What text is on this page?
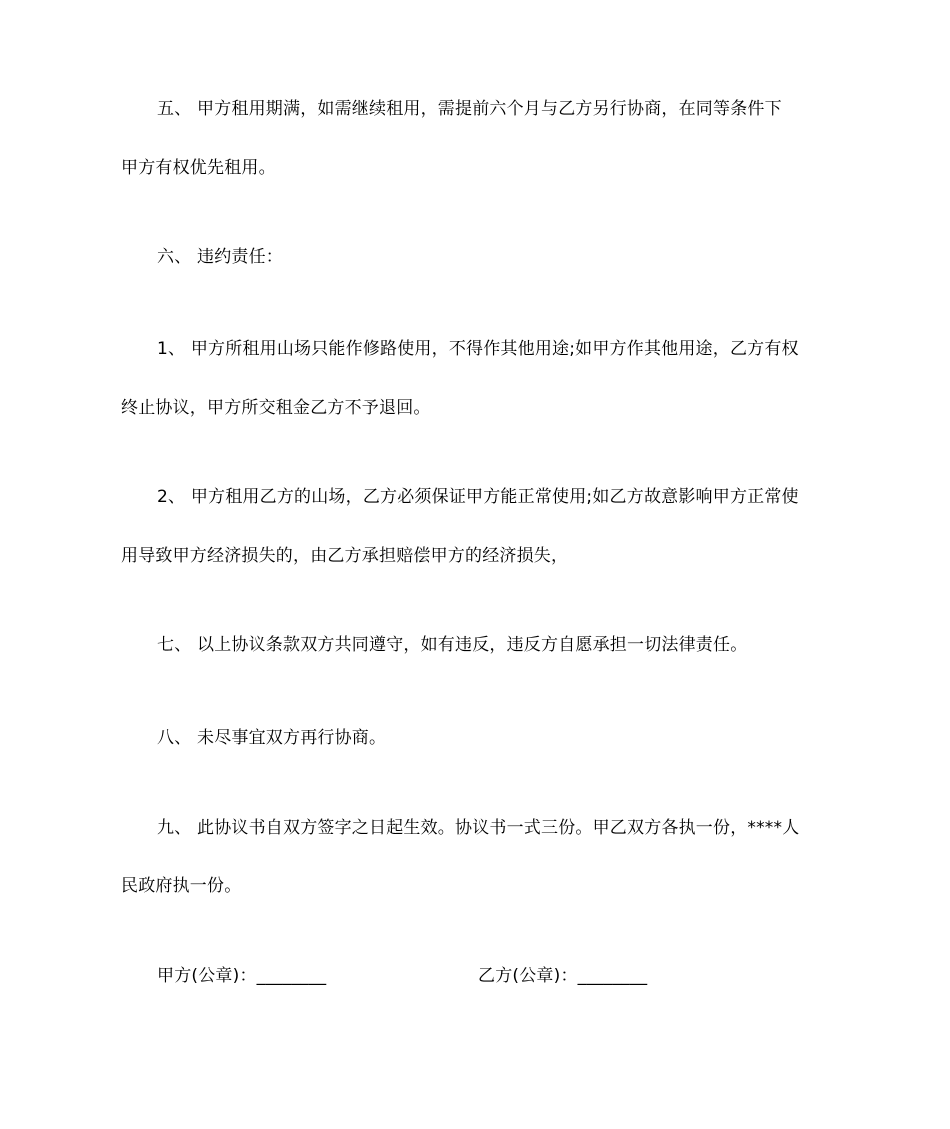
五、 甲方租用期满，如需继续租用，需提前六个月与乙方另行协商，在同等条件下
甲方有权优先租用。
六、 违约责任：
1、 甲方所租用山场只能作修路使用，不得作其他用途;如甲方作其他用途，乙方有权
终止协议，甲方所交租金乙方不予退回。
2、 甲方租用乙方的山场，乙方必须保证甲方能正常使用;如乙方故意影响甲方正常使
用导致甲方经济损失的，由乙方承担赔偿甲方的经济损失，
七、 以上协议条款双方共同遵守，如有违反，违反方自愿承担一切法律责任。
八、 未尽事宜双方再行协商。
九、 此协议书自双方签字之日起生效。协议书一式三份。甲乙双方各执一份，****人
民政府执一份。
甲方(公章)：________	乙方(公章)：________
